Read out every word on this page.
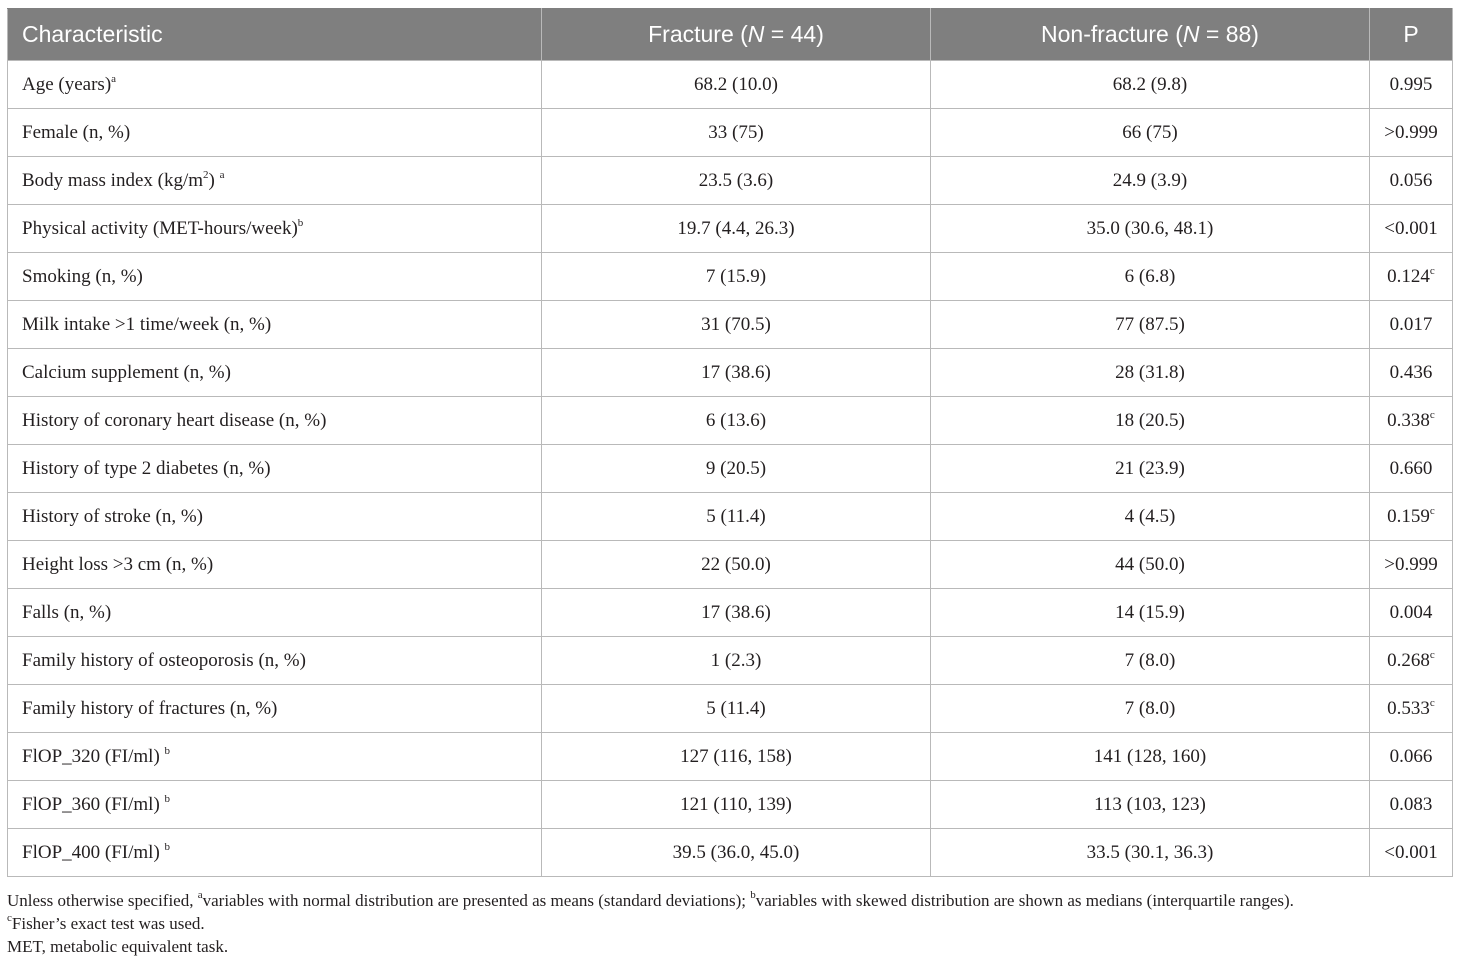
Characteristic	Fracture (N = 44)	Non-fracture (N = 88)	P
Age (years)$^a$	68.2 (10.0)	68.2 (9.8)	0.995
Female (n, %)	33 (75)	66 (75)	>0.999
Body mass index $(kg/m^2)$ $^a$	23.5 (3.6)	24.9 (3.9)	0.056
Physical activity (MET-hours/week)$^b$	19.7 (4.4, 26.3)	35.0 (30.6, 48.1)	<0.001
Smoking (n, %)	7 (15.9)	6 (6.8)	0.124$^c$
Milk intake >1 time/week (n, %)	31 (70.5)	77 (87.5)	0.017
Calcium supplement (n, %)	17 (38.6)	28 (31.8)	0.436
History of coronary heart disease (n, %)	6 (13.6)	18 (20.5)	0.338$^c$
History of type 2 diabetes (n, %)	9 (20.5)	21 (23.9)	0.660
History of stroke (n, %)	5 (11.4)	4 (4.5)	0.159$^c$
Height loss >3 cm (n, %)	22 (50.0)	44 (50.0)	>0.999
Falls (n, %)	17 (38.6)	14 (15.9)	0.004
Family history of osteoporosis (n, %)	1 (2.3)	7 (8.0)	0.268$^c$
Family history of fractures (n, %)	5 (11.4)	7 (8.0)	0.533$^c$
FlOP_320 (FI/ml) $^b$	127 (116, 158)	141 (128, 160)	0.066
FlOP_360 (FI/ml) $^b$	121 (110, 139)	113 (103, 123)	0.083
FlOP_400 (FI/ml) $^b$	39.5 (36.0, 45.0)	33.5 (30.1, 36.3)	<0.001

Unless otherwise specified, $^a$variables with normal distribution are presented as means (standard deviations); $^b$variables with skewed distribution are shown as medians (interquartile ranges).

$^c$Fisher’s exact test was used.

MET, metabolic equivalent task.
